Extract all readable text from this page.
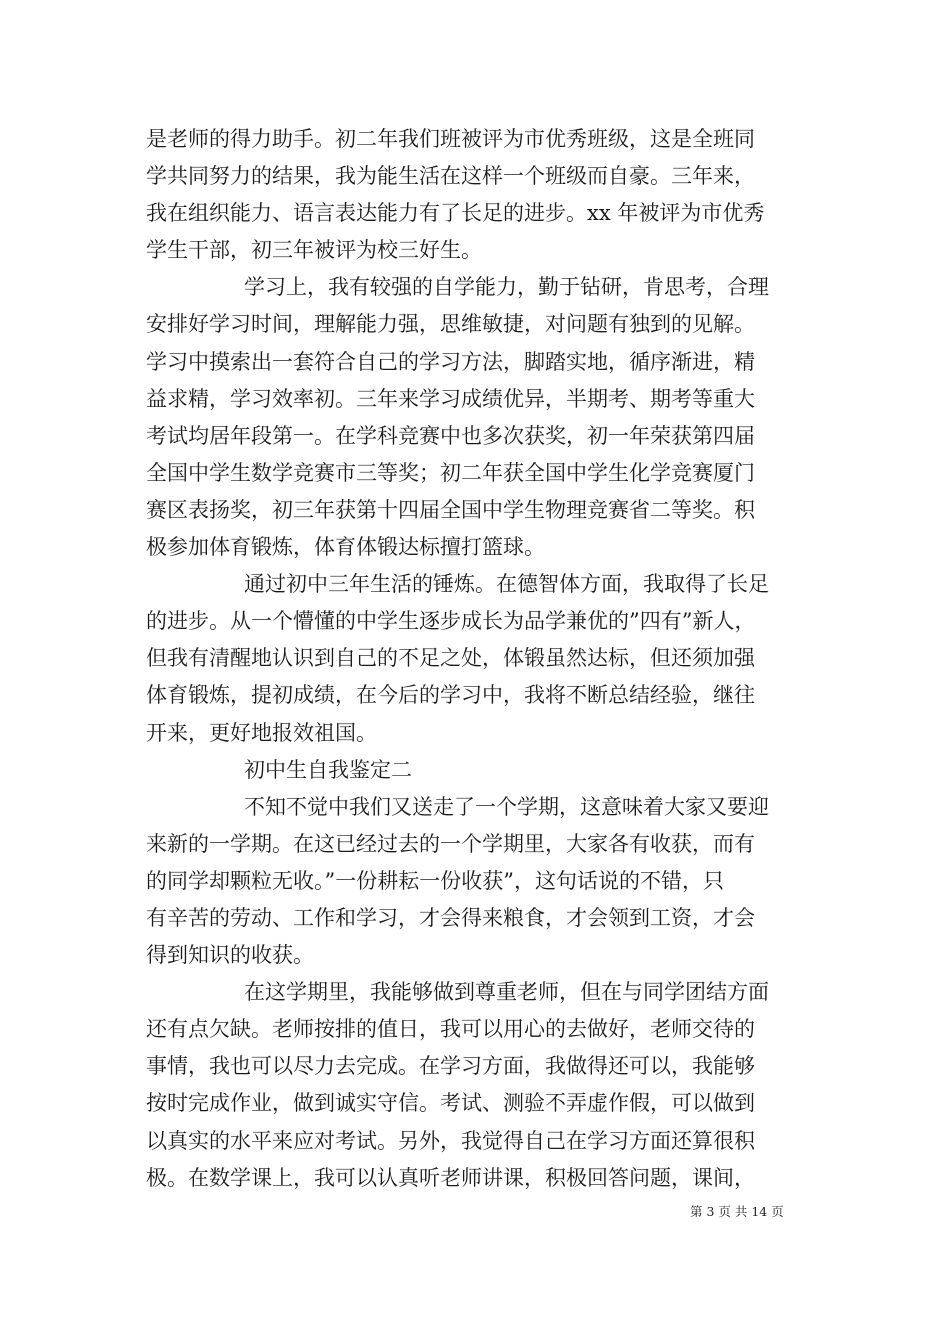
是老师的得力助手。初二年我们班被评为市优秀班级，这是全班同
学共同努力的结果，我为能生活在这样一个班级而自豪。三年来，
我在组织能力、语言表达能力有了长足的进步。xx 年被评为市优秀
学生干部，初三年被评为校三好生。
学习上，我有较强的自学能力，勤于钻研，肯思考，合理
安排好学习时间，理解能力强，思维敏捷，对问题有独到的见解。
学习中摸索出一套符合自己的学习方法，脚踏实地，循序渐进，精
益求精，学习效率初。三年来学习成绩优异，半期考、期考等重大
考试均居年段第一。在学科竞赛中也多次获奖，初一年荣获第四届
全国中学生数学竞赛市三等奖；初二年获全国中学生化学竞赛厦门
赛区表扬奖，初三年获第十四届全国中学生物理竞赛省二等奖。积
极参加体育锻炼，体育体锻达标擅打篮球。
通过初中三年生活的锤炼。在德智体方面，我取得了长足
的进步。从一个懵懂的中学生逐步成长为品学兼优的”四有”新人，
但我有清醒地认识到自己的不足之处，体锻虽然达标，但还须加强
体育锻炼，提初成绩，在今后的学习中，我将不断总结经验，继往
开来，更好地报效祖国。
初中生自我鉴定二
不知不觉中我们又送走了一个学期，这意味着大家又要迎
来新的一学期。在这已经过去的一个学期里，大家各有收获，而有
的同学却颗粒无收。”一份耕耘一份收获”，这句话说的不错，只
有辛苦的劳动、工作和学习，才会得来粮食，才会领到工资，才会
得到知识的收获。
在这学期里，我能够做到尊重老师，但在与同学团结方面
还有点欠缺。老师按排的值日，我可以用心的去做好，老师交待的
事情，我也可以尽力去完成。在学习方面，我做得还可以，我能够
按时完成作业，做到诚实守信。考试、测验不弄虚作假，可以做到
以真实的水平来应对考试。另外，我觉得自己在学习方面还算很积
极。在数学课上，我可以认真听老师讲课，积极回答问题，课间，
第 3 页 共 14 页
